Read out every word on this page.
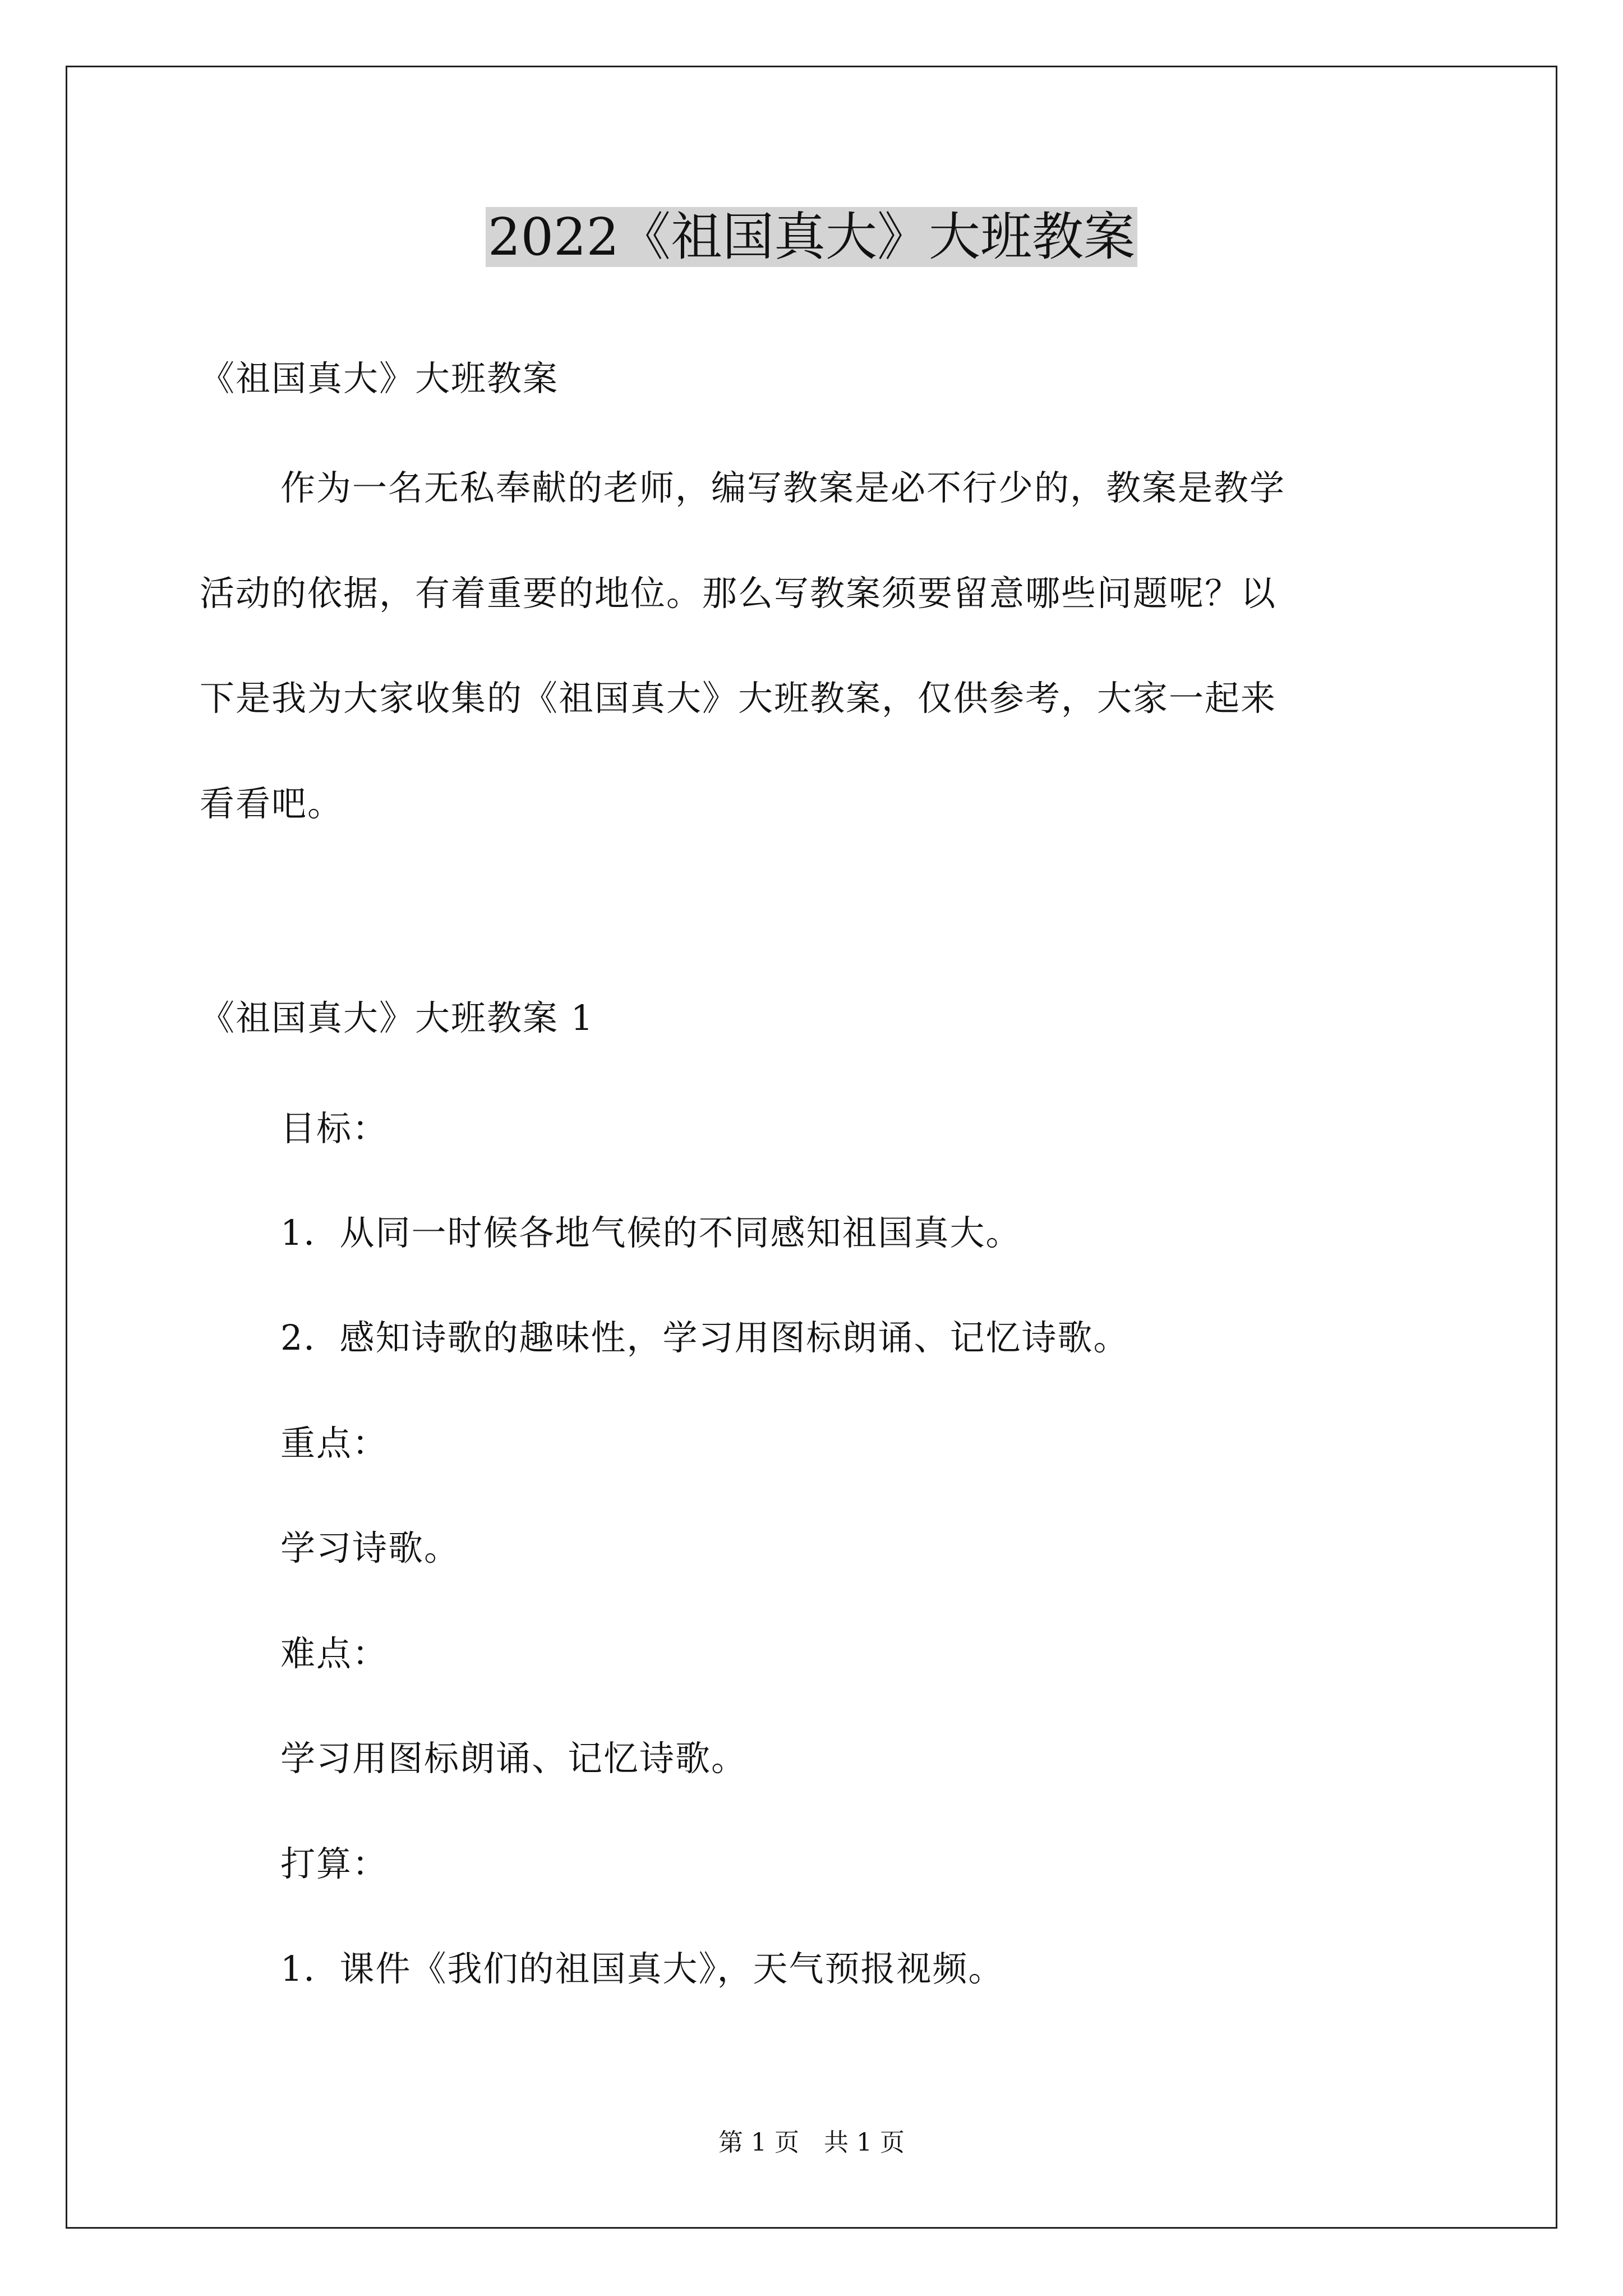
2022《祖国真大》大班教案
《祖国真大》大班教案
作为一名无私奉献的老师，编写教案是必不行少的，教案是教学
活动的依据，有着重要的地位。那么写教案须要留意哪些问题呢？以
下是我为大家收集的《祖国真大》大班教案，仅供参考，大家一起来
看看吧。
《祖国真大》大班教案 1
目标：
1．从同一时候各地气候的不同感知祖国真大。
2．感知诗歌的趣味性，学习用图标朗诵、记忆诗歌。
重点：
学习诗歌。
难点：
学习用图标朗诵、记忆诗歌。
打算：
1．课件《我们的祖国真大》，天气预报视频。
第 1 页　共 1 页
